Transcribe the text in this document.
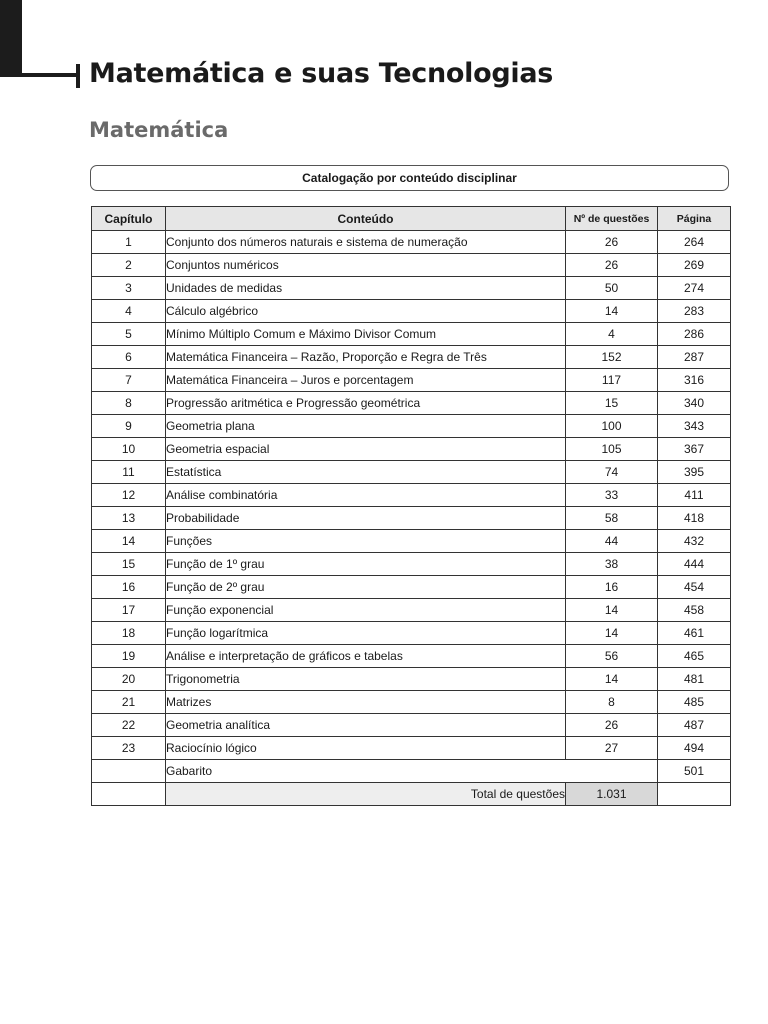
Matemática e suas Tecnologias
Matemática
Catalogação por conteúdo disciplinar
Capítulo	Conteúdo	Nº de questões	Página
1	Conjunto dos números naturais e sistema de numeração	26	264
2	Conjuntos numéricos	26	269
3	Unidades de medidas	50	274
4	Cálculo algébrico	14	283
5	Mínimo Múltiplo Comum e Máximo Divisor Comum	4	286
6	Matemática Financeira – Razão, Proporção e Regra de Três	152	287
7	Matemática Financeira – Juros e porcentagem	117	316
8	Progressão aritmética e Progressão geométrica	15	340
9	Geometria plana	100	343
10	Geometria espacial	105	367
11	Estatística	74	395
12	Análise combinatória	33	411
13	Probabilidade	58	418
14	Funções	44	432
15	Função de 1º grau	38	444
16	Função de 2º grau	16	454
17	Função exponencial	14	458
18	Função logarítmica	14	461
19	Análise e interpretação de gráficos e tabelas	56	465
20	Trigonometria	14	481
21	Matrizes	8	485
22	Geometria analítica	26	487
23	Raciocínio lógico	27	494
	Gabarito		501
	Total de questões	1.031	
